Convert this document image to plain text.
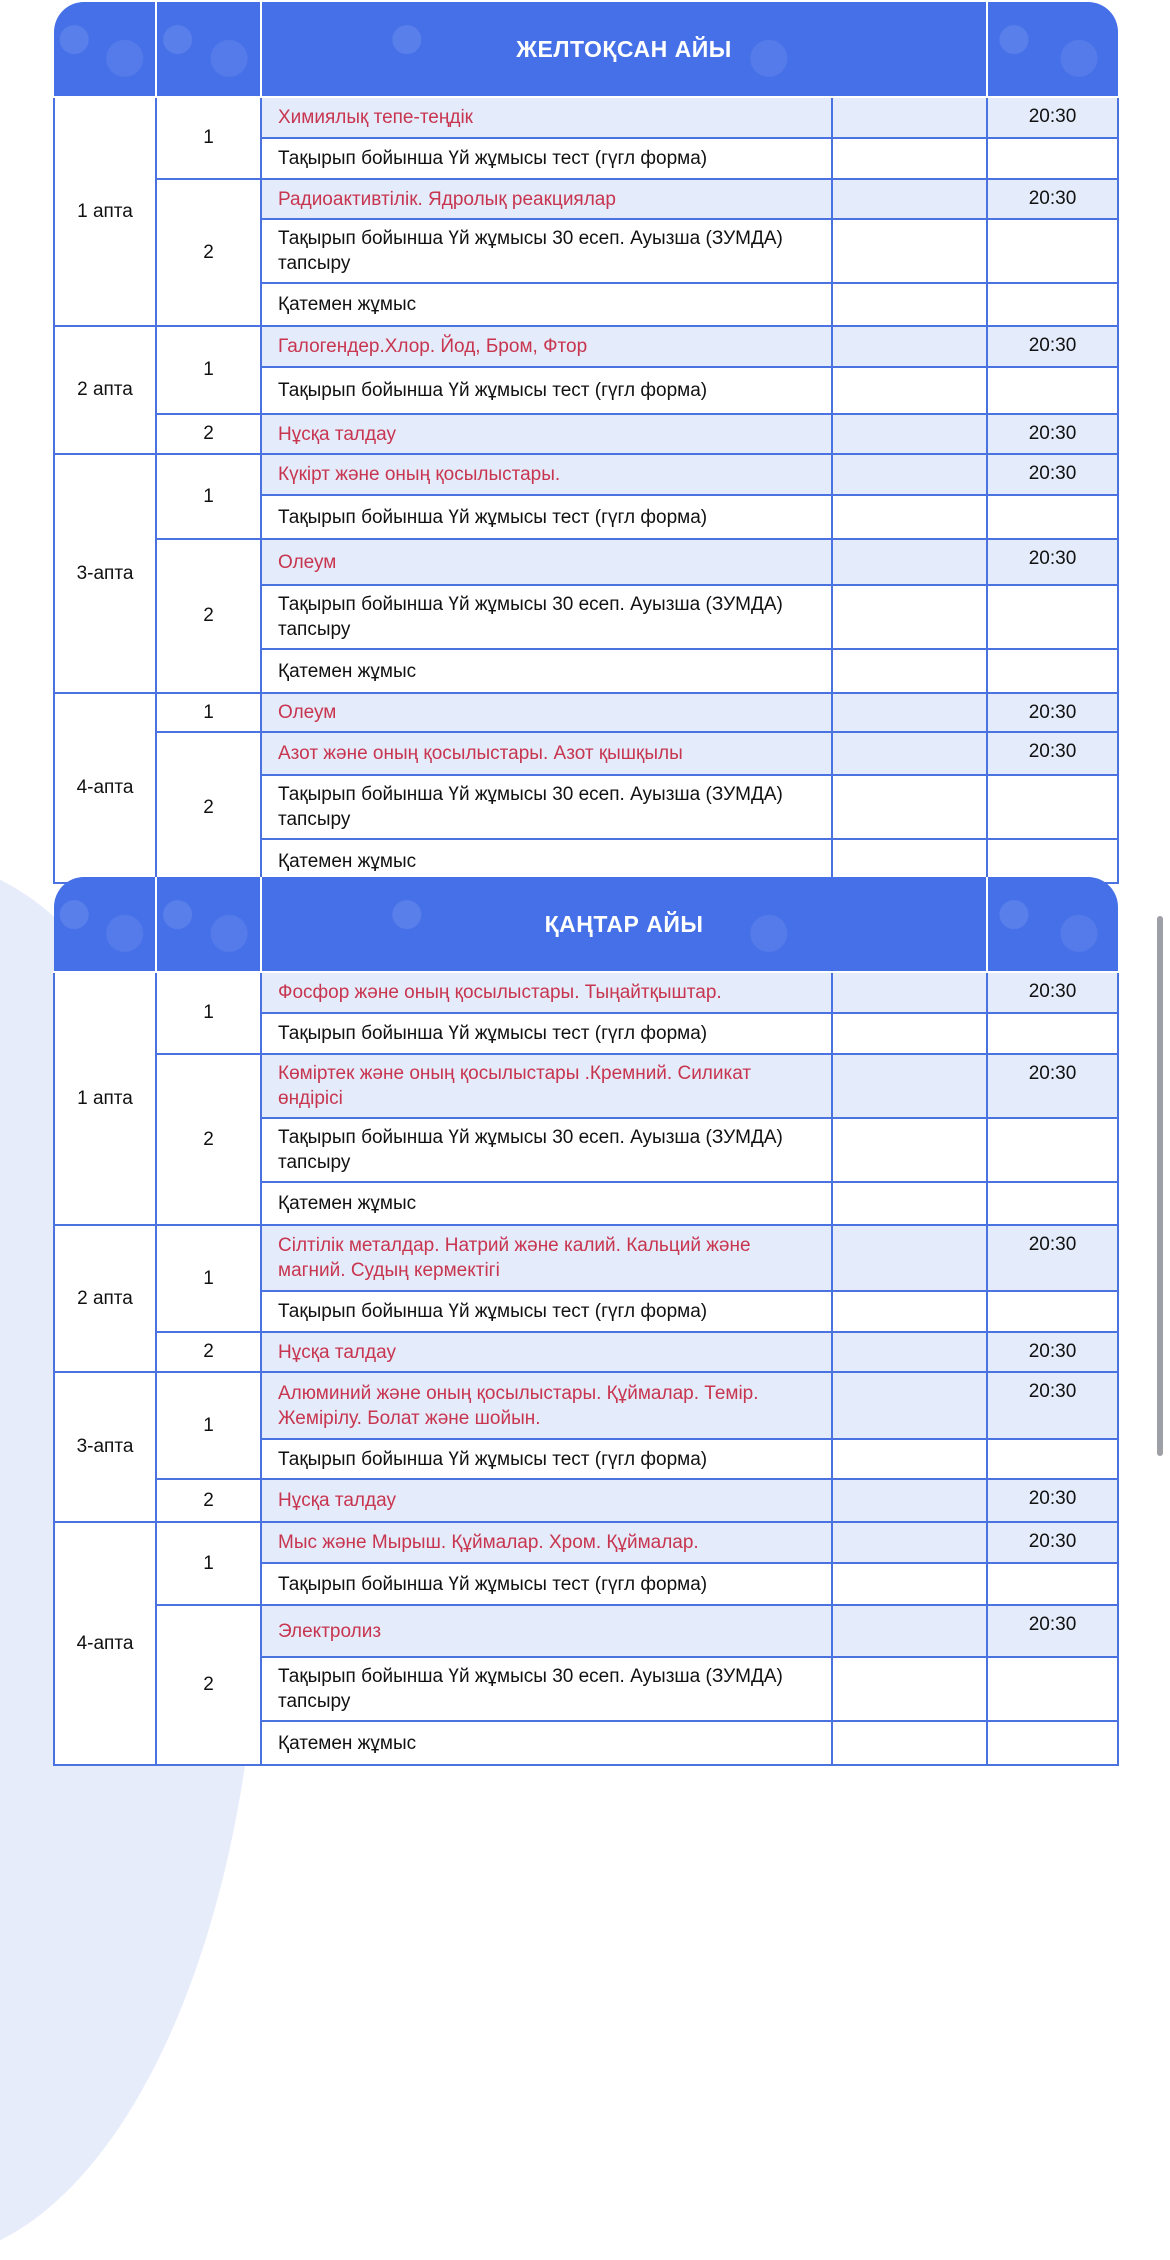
		ЖЕЛТОҚСАН АЙЫ		
1 апта	1	Химиялық тепе-теңдік		20:30
		Тақырып бойынша Үй жұмысы тест (гүгл форма)		
	2	Радиоактивтілік. Ядролық реакциялар		20:30
		Тақырып бойынша Үй жұмысы 30 есеп. Ауызша (ЗУМДА) тапсыру		
		Қатемен жұмыс		
2 апта	1	Галогендер.Хлор. Йод, Бром, Фтор		20:30
		Тақырып бойынша Үй жұмысы тест (гүгл форма)		
	2	Нұсқа талдау		20:30
3-апта	1	Күкірт және оның қосылыстары.		20:30
		Тақырып бойынша Үй жұмысы тест (гүгл форма)		
	2	Олеум		20:30
		Тақырып бойынша Үй жұмысы 30 есеп. Ауызша (ЗУМДА) тапсыру		
		Қатемен жұмыс		
4-апта	1	Олеум		20:30
	2	Азот және оның қосылыстары. Азот қышқылы		20:30
		Тақырып бойынша Үй жұмысы 30 есеп. Ауызша (ЗУМДА) тапсыру		
		Қатемен жұмыс		
		ҚАҢТАР АЙЫ		
1 апта	1	Фосфор және оның қосылыстары. Тыңайтқыштар.		20:30
		Тақырып бойынша Үй жұмысы тест (гүгл форма)		
	2	Көміртек және оның қосылыстары .Кремний. Силикат өндірісі		20:30
		Тақырып бойынша Үй жұмысы 30 есеп. Ауызша (ЗУМДА) тапсыру		
		Қатемен жұмыс		
2 апта	1	Сілтілік металдар. Натрий және калий. Кальций және магний. Судың кермектігі		20:30
		Тақырып бойынша Үй жұмысы тест (гүгл форма)		
	2	Нұсқа талдау		20:30
3-апта	1	Алюминий және оның қосылыстары. Құймалар. Темір. Жемірілу. Болат және шойын.		20:30
		Тақырып бойынша Үй жұмысы тест (гүгл форма)		
	2	Нұсқа талдау		20:30
4-апта	1	Мыс және Мырыш. Құймалар. Хром. Құймалар.		20:30
		Тақырып бойынша Үй жұмысы тест (гүгл форма)		
	2	Электролиз		20:30
		Тақырып бойынша Үй жұмысы 30 есеп. Ауызша (ЗУМДА) тапсыру		
		Қатемен жұмыс		
